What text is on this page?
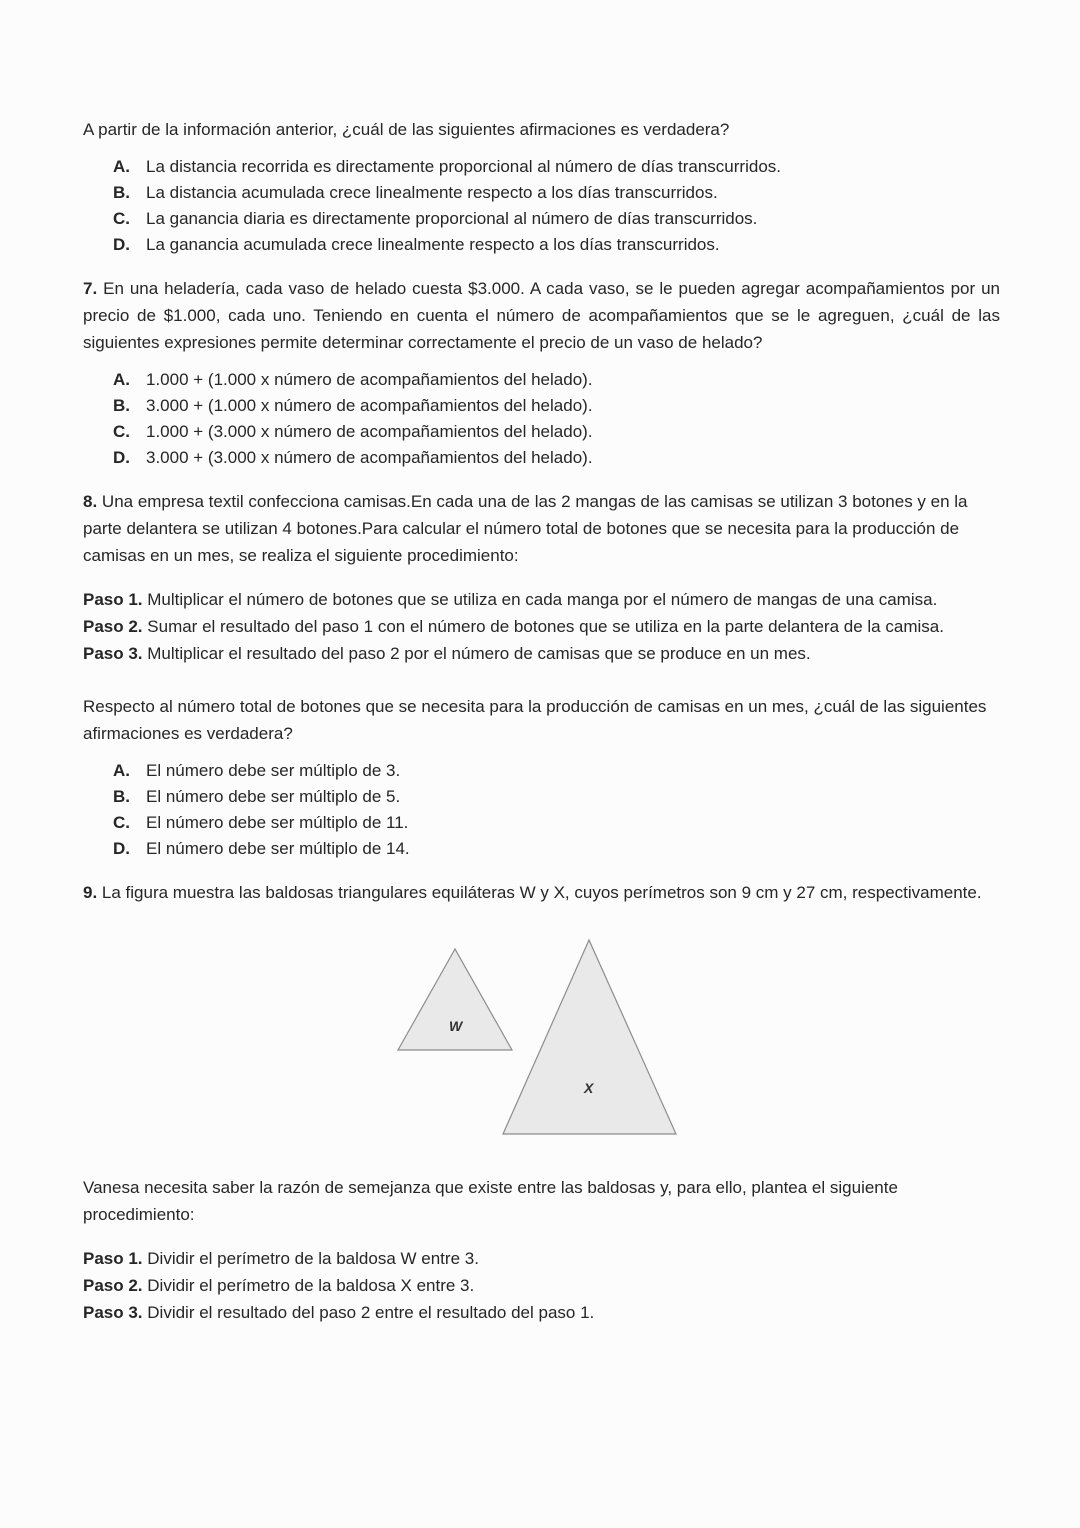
A partir de la información anterior, ¿cuál de las siguientes afirmaciones es verdadera?

A. La distancia recorrida es directamente proporcional al número de días transcurridos.
B. La distancia acumulada crece linealmente respecto a los días transcurridos.
C. La ganancia diaria es directamente proporcional al número de días transcurridos.
D. La ganancia acumulada crece linealmente respecto a los días transcurridos.

7. En una heladería, cada vaso de helado cuesta $3.000. A cada vaso, se le pueden agregar acompañamientos por un precio de $1.000, cada uno. Teniendo en cuenta el número de acompañamientos que se le agreguen, ¿cuál de las siguientes expresiones permite determinar correctamente el precio de un vaso de helado?

A. 1.000 + (1.000 x número de acompañamientos del helado).
B. 3.000 + (1.000 x número de acompañamientos del helado).
C. 1.000 + (3.000 x número de acompañamientos del helado).
D. 3.000 + (3.000 x número de acompañamientos del helado).

8. Una empresa textil confecciona camisas.En cada una de las 2 mangas de las camisas se utilizan 3 botones y en la parte delantera se utilizan 4 botones.Para calcular el número total de botones que se necesita para la producción de camisas en un mes, se realiza el siguiente procedimiento:

Paso 1. Multiplicar el número de botones que se utiliza en cada manga por el número de mangas de una camisa.

Paso 2. Sumar el resultado del paso 1 con el número de botones que se utiliza en la parte delantera de la camisa.

Paso 3. Multiplicar el resultado del paso 2 por el número de camisas que se produce en un mes.

Respecto al número total de botones que se necesita para la producción de camisas en un mes, ¿cuál de las siguientes afirmaciones es verdadera?

A. El número debe ser múltiplo de 3.
B. El número debe ser múltiplo de 5.
C. El número debe ser múltiplo de 11.
D. El número debe ser múltiplo de 14.

9. La figura muestra las baldosas triangulares equiláteras W y X, cuyos perímetros son 9 cm y 27 cm, respectivamente.

W
X

Vanesa necesita saber la razón de semejanza que existe entre las baldosas y, para ello, plantea el siguiente procedimiento:

Paso 1. Dividir el perímetro de la baldosa W entre 3.

Paso 2. Dividir el perímetro de la baldosa X entre 3.

Paso 3. Dividir el resultado del paso 2 entre el resultado del paso 1.
